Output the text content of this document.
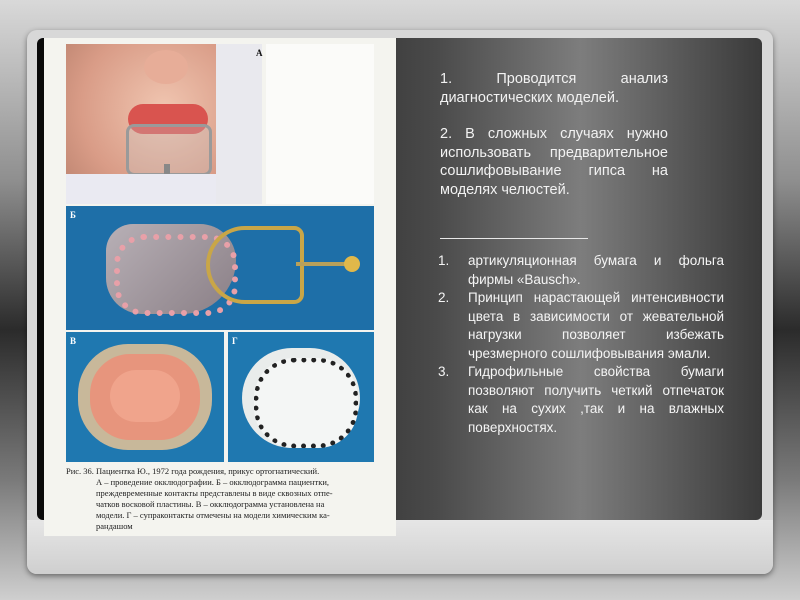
А
Б
В	Г

Рис. 36. Пациентка Ю., 1972 года рождения, прикус ортогнатический.

А – проведение окклюдографии. Б – окклюдограмма пациентки,

преждевременные контакты представлены в виде сквозных отпе-

чатков восковой пластины. В – окклюдограмма установлена на

модели. Г – супраконтакты отмечены на модели химическим ка-

рандашом

1. Проводится анализ диагностических моделей.

2. В сложных случаях нужно использовать предварительное сошлифовывание гипса на моделях челюстей.

1. артикуляционная бумага и фольга фирмы «Bausch».
2. Принцип нарастающей интенсивности цвета в зависимости от жевательной нагрузки позволяет избежать чрезмерного сошлифовывания эмали.
3. Гидрофильные свойства бумаги позволяют получить четкий отпечаток как на сухих ,так и на влажных поверхностях.
